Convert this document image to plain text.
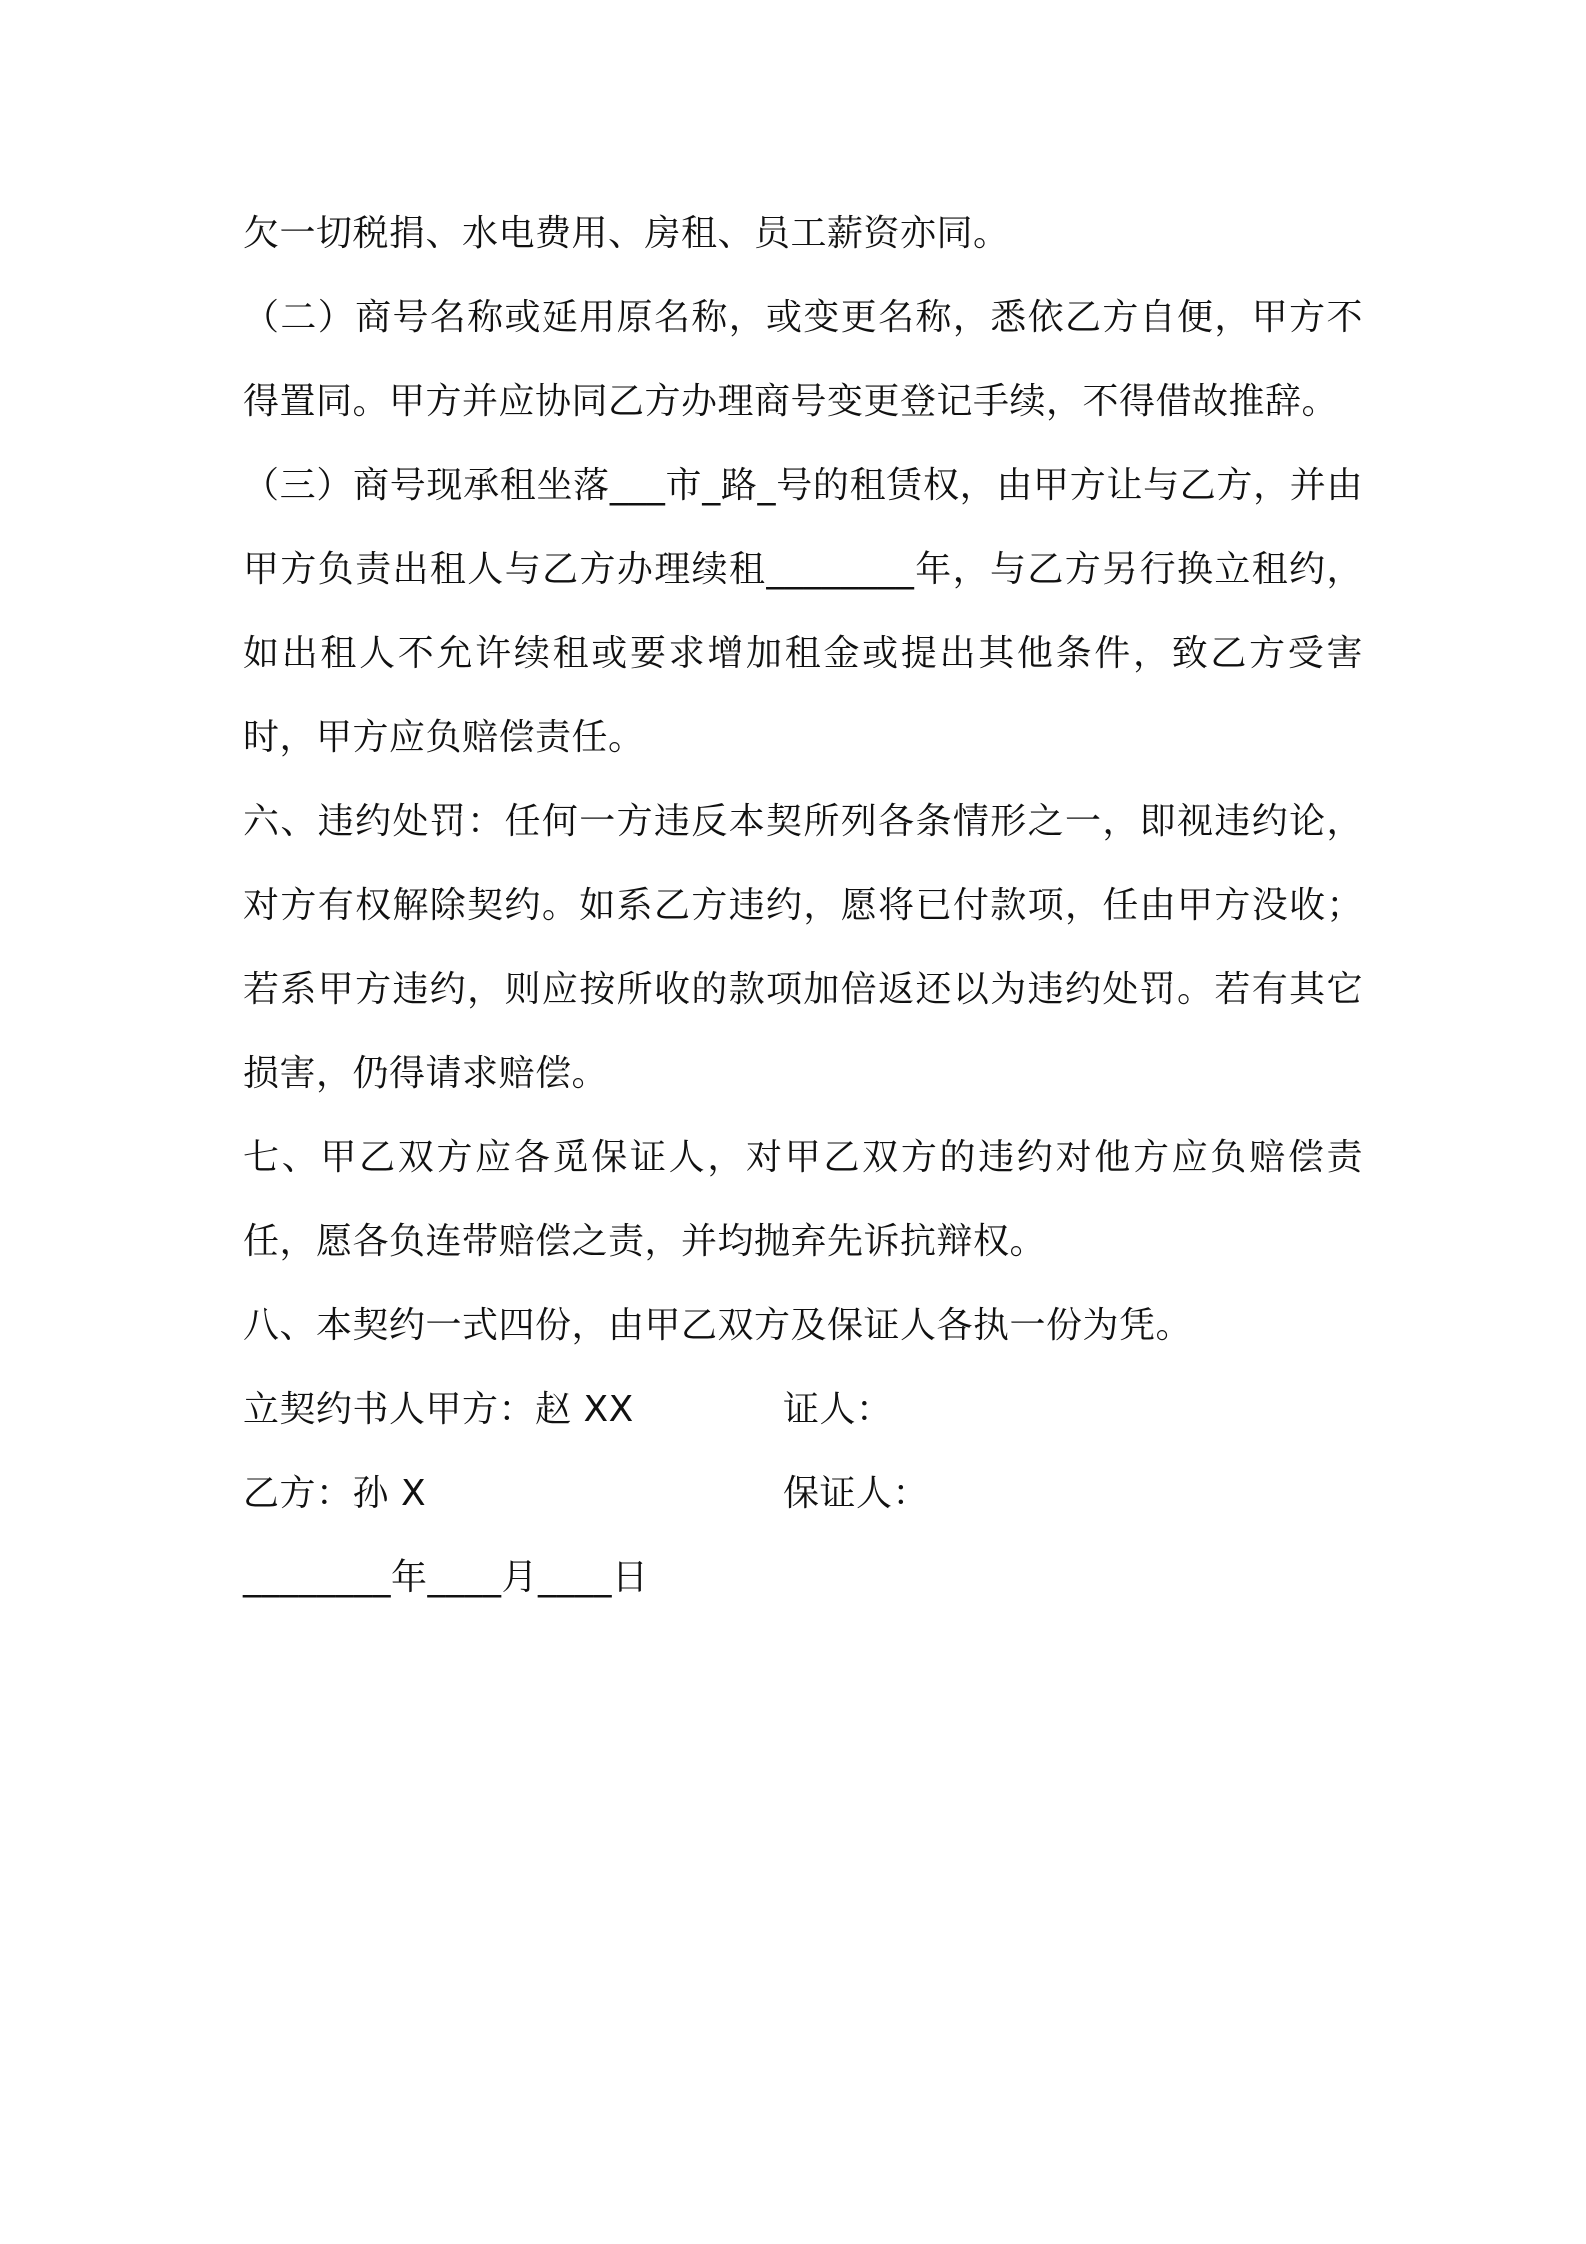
欠一切税捐、水电费用、房租、员工薪资亦同。

（二）商号名称或延用原名称，或变更名称，悉依乙方自便，甲方不得置同。甲方并应协同乙方办理商号变更登记手续，不得借故推辞。

（三）商号现承租坐落___市_路_号的租赁权，由甲方让与乙方，并由甲方负责出租人与乙方办理续租________年，与乙方另行换立租约，如出租人不允许续租或要求增加租金或提出其他条件，致乙方受害时，甲方应负赔偿责任。

六、违约处罚：任何一方违反本契所列各条情形之一，即视违约论，对方有权解除契约。如系乙方违约，愿将已付款项，任由甲方没收；若系甲方违约，则应按所收的款项加倍返还以为违约处罚。若有其它损害，仍得请求赔偿。

七、甲乙双方应各觅保证人，对甲乙双方的违约对他方应负赔偿责任，愿各负连带赔偿之责，并均抛弃先诉抗辩权。

八、本契约一式四份，由甲乙双方及保证人各执一份为凭。

立契约书人甲方：赵 XX	证人：
乙方：孙 X	保证人：
________年____月____日
